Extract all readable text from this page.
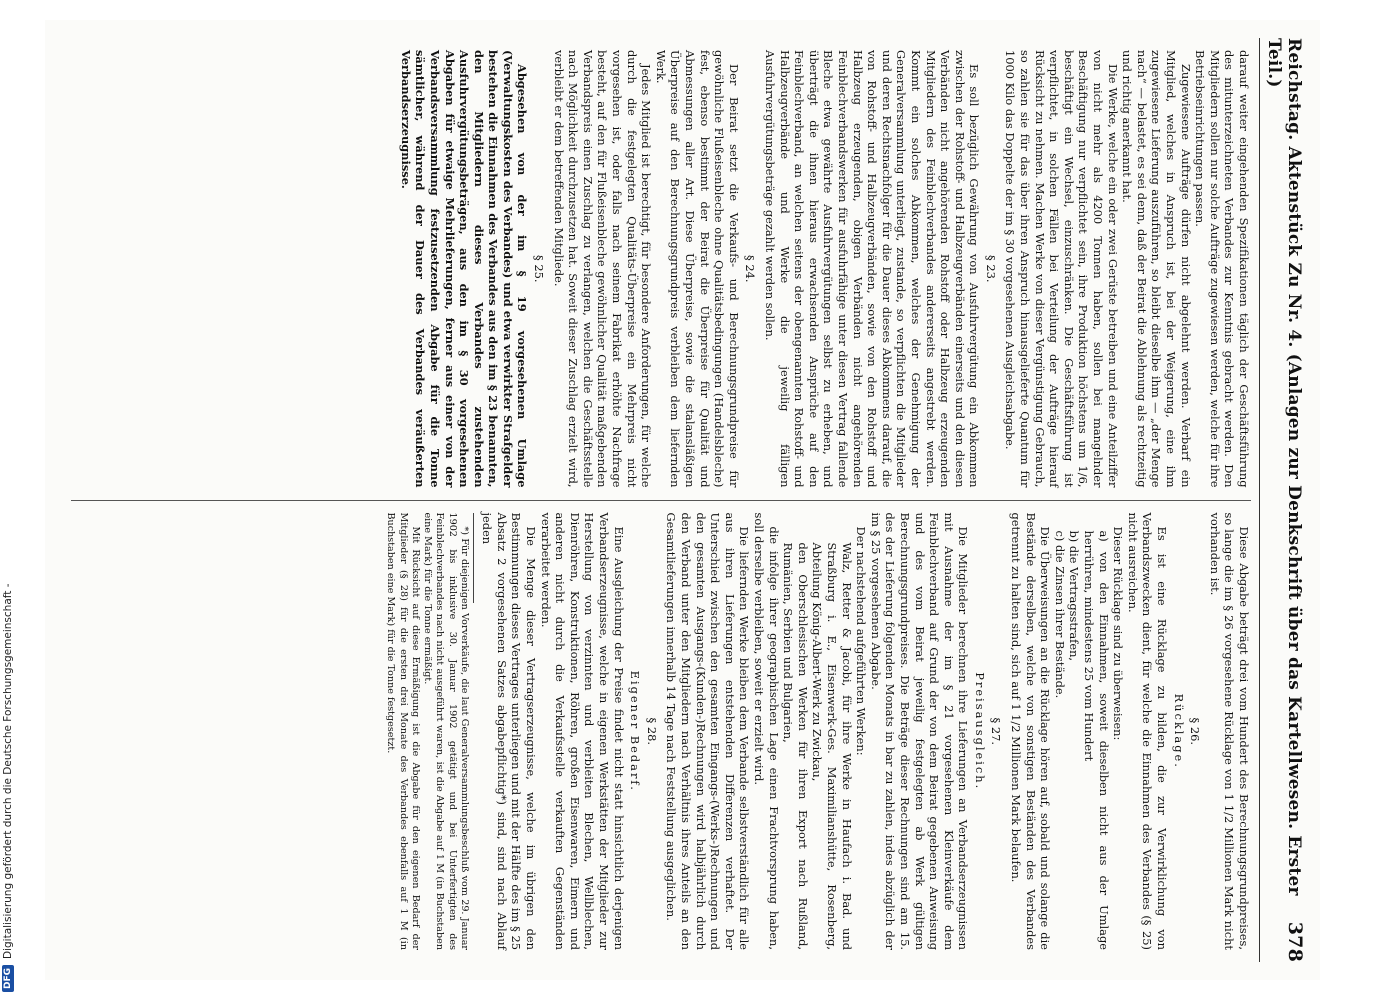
Reichstag. Aktenstück Zu Nr. 4. (Anlagen zur Denkschrift über das Kartellwesen. Erster Teil.)
378

darauf weiter eingehenden Spezifikationen täglich der Geschäftsführung des mitunterzeichneten Verbandes zur Kenntnis gebracht werden. Den Mitgliedern sollen nur solche Aufträge zugewiesen werden, welche für ihre Betriebseinrichtungen passen.

Zugewiesene Aufträge dürfen nicht abgelehnt werden. Verbarf ein Mitglied, welches in Anspruch ist, bei der Weigerung, eine ihm zugewiesene Lieferung auszuführen, so bleibt dieselbe ihm — „der Menge nach“ — belastet, es sei denn, daß der Beirat die Ablehnung als rechtzeitig und richtig anerkannt hat.

Die Werke, welche ein oder zwei Gerüste betreiben und eine Anteilziffer von nicht mehr als 4200 Tonnen haben, sollen bei mangelnder Beschäftigung nur verpflichtet sein, ihre Produktion höchstens um 1/6, beschäftigt ein Wechsel, einzuschränken. Die Geschäftsführung ist verpflichtet, in solchen Fällen bei Verteilung der Aufträge hierauf Rücksicht zu nehmen. Machen Werke von dieser Vergünstigung Gebrauch, so zahlen sie für das über ihren Anspruch hinausgelieferte Quantum für 1000 Kilo das Doppelte der im § 30 vorgesehenen Ausgleichsabgabe.

§ 23.

Es soll bezüglich Gewährung von Ausfuhrvergütung ein Abkommen zwischen der Rohstoff- und Halbzeugverbänden einerseits und den diesen Verbänden nicht angehörenden Rohstoff oder Halbzeug erzeugenden Mitgliedern des Feinblechverbandes andererseits angestrebt werden. Kommt ein solches Abkommen, welches der Genehmigung der Generalversammlung unterliegt, zustande, so verpflichten die Mitglieder und deren Rechtsnachfolger für die Dauer dieses Abkommens darauf, die von Rohstoff- und Halbzeugverbänden, sowie von den Rohstoff und Halbzeug erzeugenden, obigen Verbänden nicht angehörenden Feinblechverbandswerken für ausfuhrfähige unter diesen Vertrag fallende Bleche etwa gewährte Ausfuhrvergütungen selbst zu erheben, und überträgt die ihnen hieraus erwachsenden Ansprüche auf den Feinblechverband, an welchen seitens der obengenannten Rohstoff- und Halbzeugverbände und Werke die jeweilig fälligen Ausfuhrvergütungsbeträge gezahlt werden sollen.

§ 24.

Der Beirat setzt die Verkaufs- und Berechnungsgrundpreise für gewöhnliche Flußeisenbleche ohne Qualitätsbedingungen (Handelsbleche) fest, ebenso bestimmt der Beirat die Überpreise für Qualität und Abmessungen aller Art. Diese Überpreise, sowie die stalansläßigen Überpreise auf den Berechnungsgrundpreis verbleiben dem liefernden Werk.

Jedes Mitglied ist berechtigt, für besondere Anforderungen, für welche durch die festgelegten Qualitäts-Überpreise ein Mehrpreis nicht vorgesehen ist, oder falls nach seinem Fabrikat erhöhte Nachfrage besteht, auf den für Flußeisenbleche gewöhnlicher Qualität maßgebenden Verbandspreis einen Zuschlag zu verlangen, welchen die Geschäftsstelle nach Möglichkeit durchzusetzen hat. Soweit dieser Zuschlag erzielt wird, verbleibt er dem betreffenden Mitgliede.

§ 25.

Abgesehen von der im § 19 vorgesehenen Umlage (Verwaltungskosten des Verbandes) und etwa verwirkter Strafgelder bestehen die Einnahmen des Verbandes aus den im § 23 benannten, den Mitgliedern dieses Verbandes zustehenden Ausfuhrvergütungsbeträgen, aus den im § 30 vorgesehenen Abgaben für etwaige Mehrlieferungen, ferner aus einer von der Verbandsversammlung festzusetzenden Abgabe für die Tonne sämtlicher, während der Dauer des Verbandes veräußerten Verbandserzeugnisse.

Diese Abgabe beträgt drei vom Hundert des Berechnungsgrundpreises, so lange die im § 26 vorgesehene Rücklage von 1 1/2 Millionen Mark nicht vorhanden ist.

§ 26.
Rücklage.

Es ist eine Rücklage zu bilden, die zur Verwirklichung von Verbandszwecken dient, für welche die Einnahmen des Verbandes (§ 25) nicht ausreichen.

Dieser Rücklage sind zu überweisen:

a) von den Einnahmen, soweit dieselben nicht aus der Umlage herrühren, mindestens 25 vom Hundert

b) die Vertragsstrafen,

c) die Zinsen ihrer Bestände.

Die Überweisungen an die Rücklage hören auf, sobald und solange die Bestände derselben, welche von sonstigen Beständen des Verbandes getrennt zu halten sind, sich auf 1 1/2 Millionen Mark belaufen.

§ 27.
Preisausgleich.

Die Mitglieder berechnen ihre Lieferungen an Verbandserzeugnissen mit Ausnahme der im § 21 vorgesehenen Kleinverkäufe dem Feinblechverband auf Grund der von dem Beirat gegebenen Anweisung und des vom Beirat jeweilig festgelegten ab Werk gültigen Berechnungsgrundpreises. Die Beträge dieser Rechnungen sind am 15. des der Lieferung folgenden Monats in bar zu zahlen, indes abzüglich der im § 25 vorgesehenen Abgabe.

Der nachstehend aufgeführten Werken:

Walz, Retter & Jacobi, für ihre Werke in Haufach i. Bad. und Straßburg i. E., Eisenwerk-Ges. Maximilianshütte, Rosenberg, Abteilung König-Albert-Werk zu Zwickau,

den Oberschlesischen Werken für ihren Export nach Rußland, Rumänien, Serbien und Bulgarien,

die infolge ihrer geographischen Lage einen Frachtvorsprung haben, soll derselbe verbleiben, soweit er erzielt wird.

Die liefernden Werke bleiben dem Verbande selbstverständlich für alle aus ihren Lieferungen entstehenden Differenzen verhaftet. Der Unterschied zwischen den gesamten Eingangs-(Werks-)Rechnungen und den gesamten Ausgangs-(Kunden-)Rechnungen wird halbjährlich durch den Verband unter den Mitgliedern nach Verhältnis ihres Anteils an den Gesamtlieferungen innerhalb 14 Tage nach Feststellung ausgeglichen.

§ 28.
Eigener Bedarf.

Eine Ausgleichung der Preise findet nicht statt hinsichtlich derjenigen Verbandserzeugnisse, welche in eigenen Werkstätten der Mitglieder zur Herstellung von verzinnten und verbleiten Blechen, Wellblechen, Dienröhren, Konstruktionen, Röhren, großen Eisenwaren, Eimern und anderen nicht durch die Verkaufsstelle verkauften Gegenständen verarbeitet werden.

Die Menge dieser Vertragserzeugnisse, welche im übrigen den Bestimmungen dieses Vertrages unterliegen und mit der Hälfte des im § 25 Absatz 2 vorgesehenen Satzes abgabepflichtig*) sind, sind nach Ablauf jeden

*) Für diejenigen Vorverkäufe, die laut Generalversammlungsbeschluß vom 29. Januar 1902 bis inklusive 30. Januar 1902 getätigt und bei Unterfertigten des Feinblechverbandes nach nicht ausgeführt waren, ist die Abgabe auf 1 M (in Buchstaben eine Mark) für die Tonne ermäßigt.

Mit Rücksicht auf diese Ermäßigung ist die Abgabe für den eigenen Bedarf der Mitglieder (§ 28) für die ersten drei Monate des Verbandes ebenfalls auf 1 M (in Buchstaben eine Mark) für die Tonne festgesetzt.

DFG
Digitalisierung gefördert durch die Deutsche Forschungsgemeinschaft -
